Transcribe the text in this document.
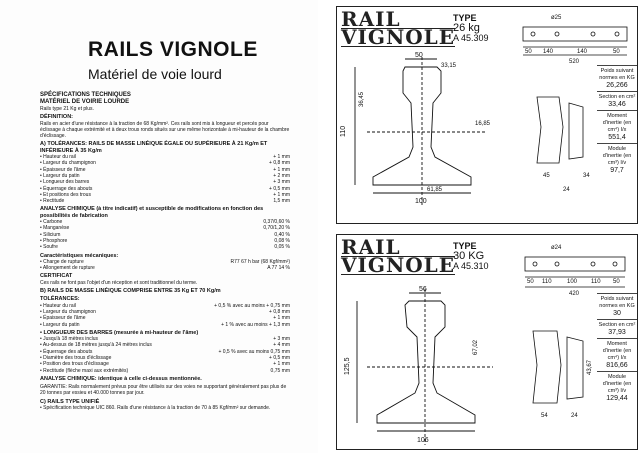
RAILS VIGNOLE
Matériel de voie lourd

SPÉCIFICATIONS TECHNIQUES

MATÉRIEL DE VOIRIE LOURDE

Rails type 21 Kg et plus.

DÉFINITION:

Rails en acier d'une résistance à la traction de 68 Kg/mm². Ces rails sont mis à longueur et percés pour éclissage à chaque extrémité et à deux trous ronds situés sur une même horizontale à mi-hauteur de la chambre d'éclissage.

A) TOLÉRANCES: RAILS DE MASSE LINÉIQUE ÉGALE OU SUPÉRIEURE À 21 Kg/m ET INFÉRIEURE À 35 Kg/m

• Hauteur du rail	+ 1 mm
• Largeur du champignon	+ 0,8 mm
• Épaisseur de l'âme	+ 1 mm
• Largeur du patin	+ 2 mm
• Longueur des barres	+ 3 mm
• Équerrage des abouts	+ 0,5 mm
• Et positions des trous	+ 1 mm
• Rectitude	1,5 mm

ANALYSE CHIMIQUE (à titre indicatif) et susceptible de modifications en fonction des possibilités de fabrication

• Carbone	0,37/0,60 %
• Manganèse	0,70/1,20 %
• Silicium	0,40 %
• Phosphore	0,08 %
• Soufre	0,05 %

Caractéristiques mécaniques:

• Charge de rupture	R77 67 h bar (68 Kgf/mm²)
• Allongement de rupture	A 77 14 %

CERTIFICAT

Ces rails ne font pas l'objet d'un réception et sont traditionnel du terme.

B) RAILS DE MASSE LINÉIQUE COMPRISE ENTRE 35 Kg ET 70 Kg/m

TOLÉRANCES:

• Hauteur du rail	+ 0,5 % avec au moins + 0,75 mm
• Largeur du champignon	+ 0,8 mm
• Épaisseur de l'âme	+ 1 mm
• Largeur du patin	+ 1 % avec au moins + 1,3 mm

• LONGUEUR DES BARRES (mesurée à mi-hauteur de l'âme)

• Jusqu'à 18 mètres inclus	+ 3 mm
• Au-dessus de 18 mètres jusqu'à 24 mètres inclus	+ 4 mm
• Équerrage des abouts	+ 0,5 % avec au moins 0,75 mm
• Diamètre des trous d'éclissage	+ 0,5 mm
• Position des trous d'éclissage	+ 1 mm
• Rectitude (flèche maxi aux extrémités)	0,75 mm

ANALYSE CHIMIQUE: identique à celle ci-dessus mentionnée.

GARANTIE: Rails normalement prévus pour être utilisés sur des voies ne supportant généralement pas plus de 20 tonnes par essieu et 40.000 tonnes par jour.

C) RAILS TYPE UNIFIÉ

• Spécification technique UIC 860. Rails d'une résistance à la traction de 70 à 85 Kgf/mm² sur demande.

RAIL
VIGNOLE
TYPE
26 kg
A 45.309
ø25
50 140	140	50
520
50
33,15
110
36,45
16,85
61,85
100
45	34
24
Poids suivant normes en KG
26,266
Section en cm²
33,46
Moment d'inertie (en cm⁴) I/x
551,4
Module d'inertie (en cm³) I/v
97,7
RAIL
VIGNOLE
TYPE
30 KG
A 45.310
ø24
50 110	100 110 50
420
56
125,5
106
67,02
43,67
54	24
Poids suivant normes en KG
30
Section en cm²
37,93
Moment d'inertie (en cm⁴) I/x
816,66
Module d'inertie (en cm³) I/v
129,44
